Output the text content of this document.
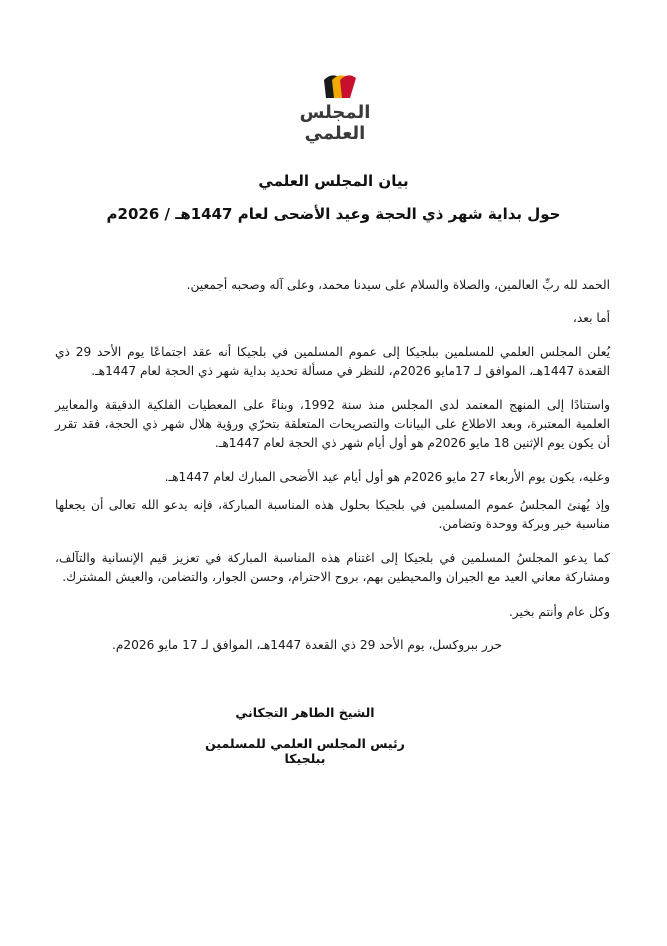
المجلس العلمي
بيان المجلس العلمي
حول بداية شهر ذي الحجة وعيد الأضحى لعام 1447هـ / 2026م
الحمد لله ربِّ العالمين، والصلاة والسلام على سيدنا محمد، وعلى آله وصحبه أجمعين.
أما بعد،
يُعلن المجلس العلمي للمسلمين ببلجيكا إلى عموم المسلمين في بلجيكا أنه عقد اجتماعًا يوم الأحد 29 ذي القعدة 1447هـ، الموافق لـ 17مايو 2026م، للنظر في مسألة تحديد بداية شهر ذي الحجة لعام 1447هـ.
واستنادًا إلى المنهج المعتمد لدى المجلس منذ سنة 1992، وبناءً على المعطيات الفلكية الدقيقة والمعايير العلمية المعتبرة، وبعد الاطلاع على البيانات والتصريحات المتعلقة بتحرّي ورؤية هلال شهر ذي الحجة، فقد تقرر أن يكون يوم الإثنين 18 مايو 2026م هو أول أيام شهر ذي الحجة لعام 1447هـ.
وعليه، يكون يوم الأربعاء 27 مايو 2026م هو أول أيام عيد الأضحى المبارك لعام 1447هـ.
وإذ يُهنئ المجلسُ عموم المسلمين في بلجيكا بحلول هذه المناسبة المباركة، فإنه يدعو الله تعالى أن يجعلها مناسبة خير وبركة ووحدة وتضامن.
كما يدعو المجلسُ المسلمين في بلجيكا إلى اغتنام هذه المناسبة المباركة في تعزيز قيم الإنسانية والتآلف، ومشاركة معاني العيد مع الجيران والمحيطين بهم، بروح الاحترام، وحسن الجوار، والتضامن، والعيش المشترك.
وكل عام وأنتم بخير.
حرر ببروكسل، يوم الأحد 29 ذي القعدة 1447هـ، الموافق لـ 17 مايو 2026م.
الشيخ الطاهر التجكاني
رئيس المجلس العلمي للمسلمين ببلجيكا
